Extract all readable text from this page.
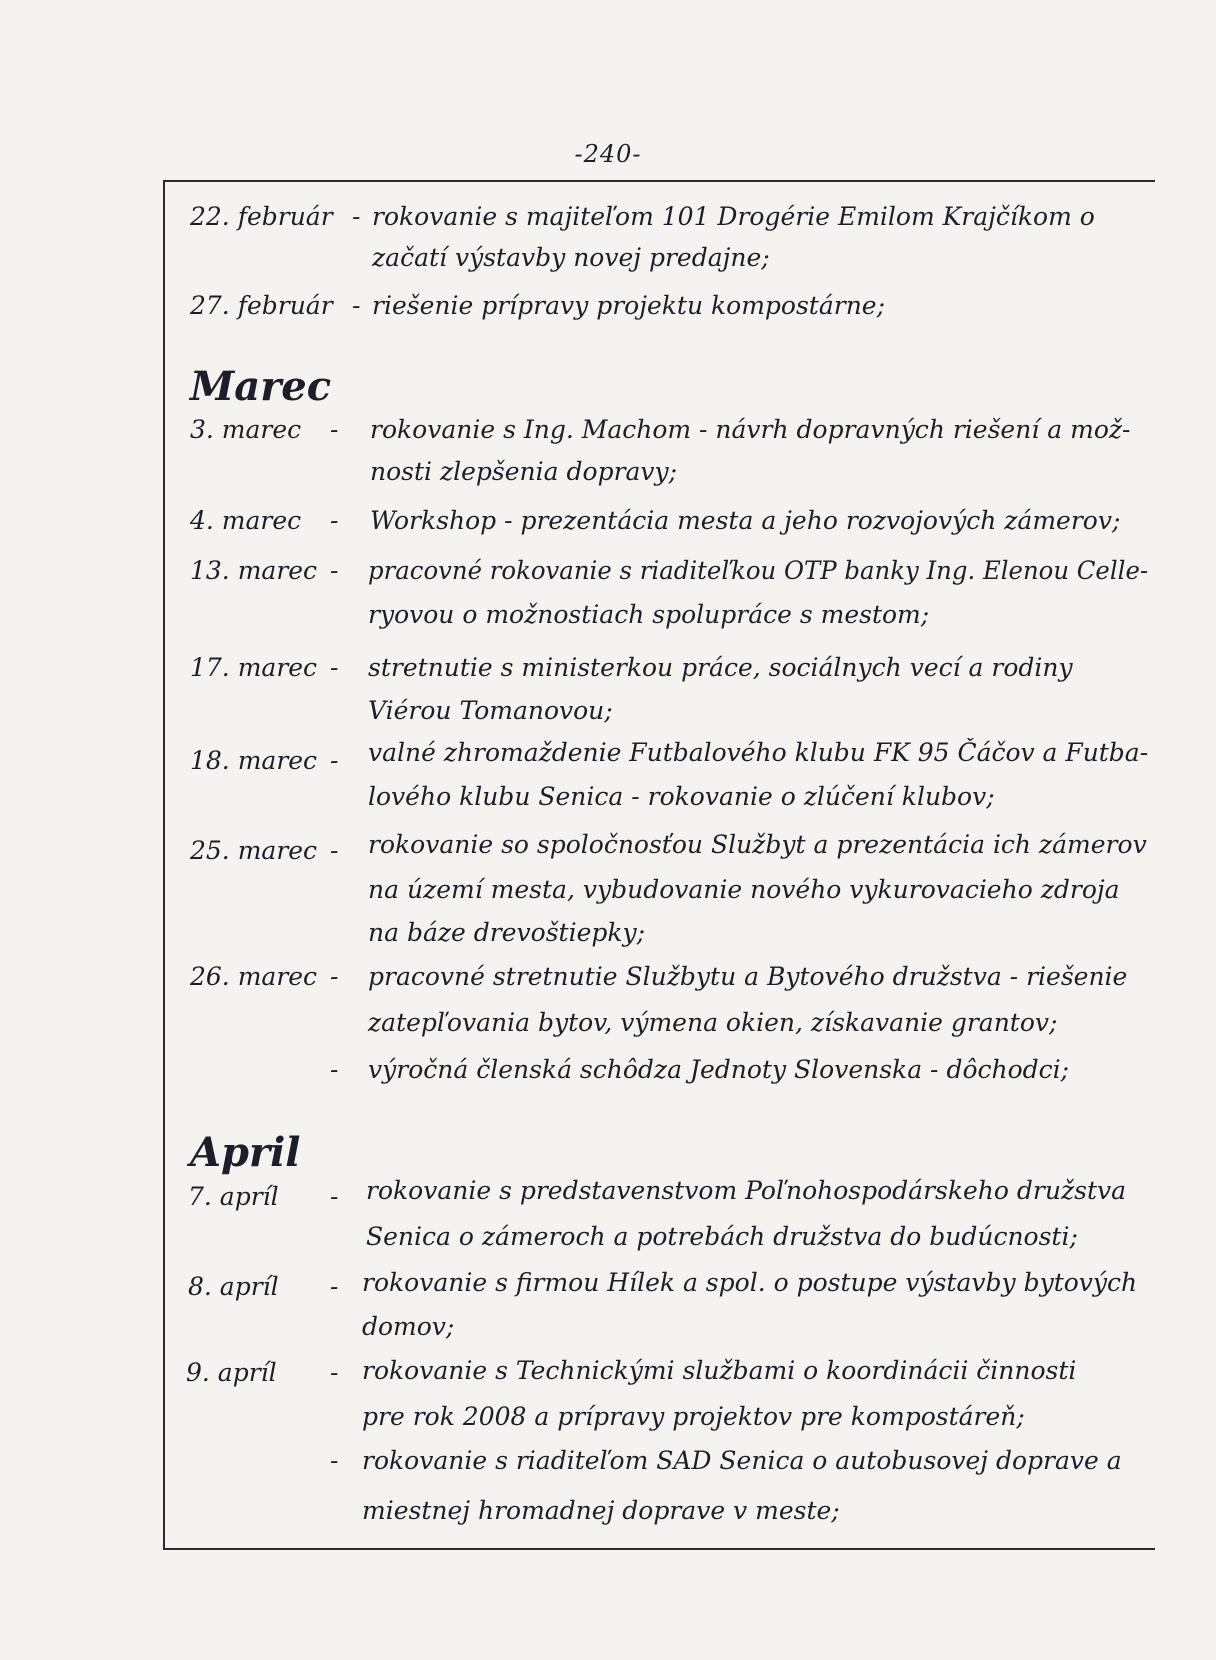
-240-
22. február - rokovanie s majiteľom 101 Drogérie Emilom Krajčíkom o
začatí výstavby novej predajne;
27. február - riešenie prípravy projektu kompostárne;
Marec
3. marec - rokovanie s Ing. Machom - návrh dopravných riešení a mož-
nosti zlepšenia dopravy;
4. marec - Workshop - prezentácia mesta a jeho rozvojových zámerov;
13. marec - pracovné rokovanie s riaditeľkou OTP banky Ing. Elenou Celle-
ryovou o možnostiach spolupráce s mestom;
17. marec - stretnutie s ministerkou práce, sociálnych vecí a rodiny
Viérou Tomanovou;
18. marec - valné zhromaždenie Futbalového klubu FK 95 Čáčov a Futba-
lového klubu Senica - rokovanie o zlúčení klubov;
25. marec - rokovanie so spoločnosťou Službyt a prezentácia ich zámerov
na území mesta, vybudovanie nového vykurovacieho zdroja
na báze drevoštiepky;
26. marec - pracovné stretnutie Službytu a Bytového družstva - riešenie
zatepľovania bytov, výmena okien, získavanie grantov;
- výročná členská schôdza Jednoty Slovenska - dôchodci;
April
7. apríl - rokovanie s predstavenstvom Poľnohospodárskeho družstva
Senica o zámeroch a potrebách družstva do budúcnosti;
8. apríl - rokovanie s firmou Hílek a spol. o postupe výstavby bytových
domov;
9. apríl - rokovanie s Technickými službami o koordinácii činnosti
pre rok 2008 a prípravy projektov pre kompostáreň;
- rokovanie s riaditeľom SAD Senica o autobusovej doprave a
miestnej hromadnej doprave v meste;
